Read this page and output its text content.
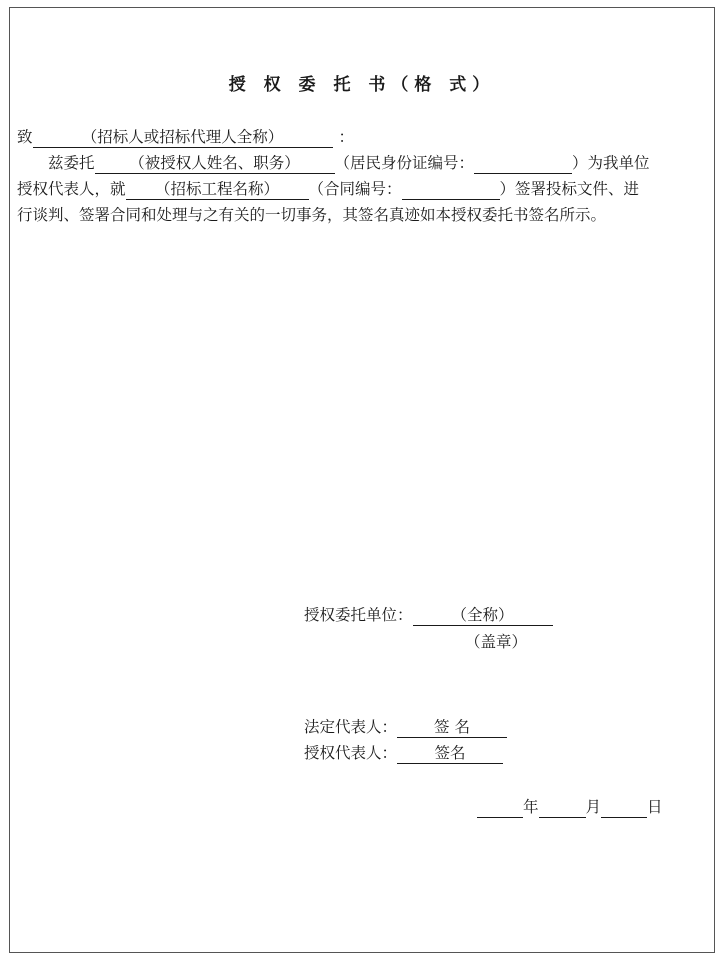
授 权 委 托 书（格 式）
致	（招标人或招标代理人全称）	：
兹委托 （被授权人姓名、职务） （居民身份证编号：	）为我单位
授权代表人，就 （招标工程名称） （合同编号：	）签署投标文件、进
行谈判、签署合同和处理与之有关的一切事务，其签名真迹如本授权委托书签名所示。
授权委托单位：	（全称）
（盖章）
法定代表人： 签 名
授权代表人： 签名
年	月	日
